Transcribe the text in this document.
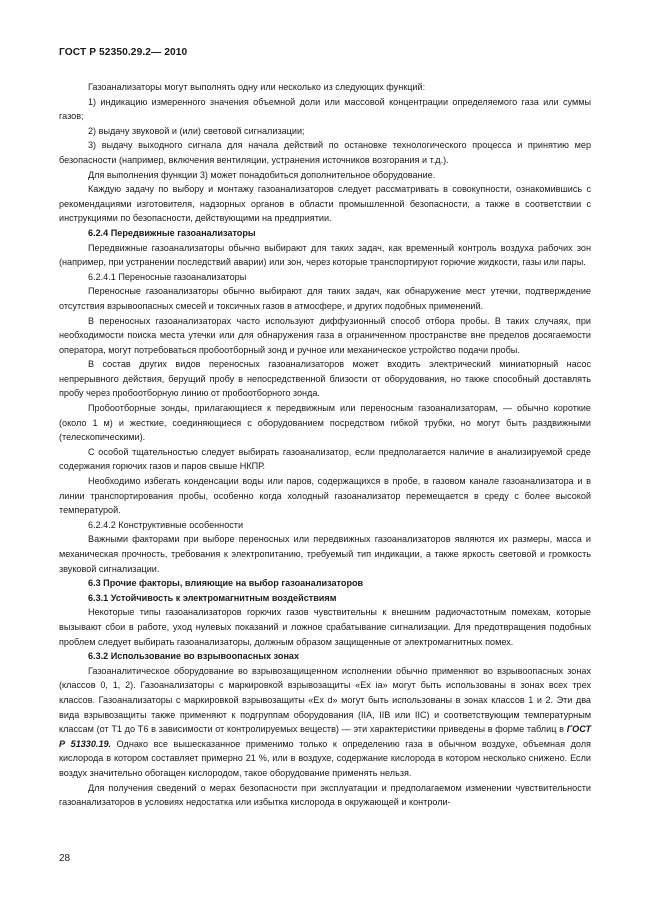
ГОСТ Р 52350.29.2— 2010

Газоанализаторы могут выполнять одну или несколько из следующих функций:

1) индикацию измеренного значения объемной доли или массовой концентрации определяемого газа или суммы газов;

2) выдачу звуковой и (или) световой сигнализации;

3) выдачу выходного сигнала для начала действий по остановке технологического процесса и принятию мер безопасности (например, включения вентиляции, устранения источников возгорания и т.д.).

Для выполнения функции 3) может понадобиться дополнительное оборудование.

Каждую задачу по выбору и монтажу газоанализаторов следует рассматривать в совокупности, ознакомившись с рекомендациями изготовителя, надзорных органов в области промышленной безопасности, а также в соответствии с инструкциями по безопасности, действующими на предприятии.

6.2.4 Передвижные газоанализаторы

Передвижные газоанализаторы обычно выбирают для таких задач, как временный контроль воздуха рабочих зон (например, при устранении последствий аварии) или зон, через которые транспортируют горючие жидкости, газы или пары.

6.2.4.1 Переносные газоанализаторы

Переносные газоанализаторы обычно выбирают для таких задач, как обнаружение мест утечки, подтверждение отсутствия взрывоопасных смесей и токсичных газов в атмосфере, и других подобных применений.

В переносных газоанализаторах часто используют диффузионный способ отбора пробы. В таких случаях, при необходимости поиска места утечки или для обнаружения газа в ограниченном пространстве вне пределов досягаемости оператора, могут потребоваться пробоотборный зонд и ручное или механическое устройство подачи пробы.

В состав других видов переносных газоанализаторов может входить электрический миниатюрный насос непрерывного действия, берущий пробу в непосредственной близости от оборудования, но также способный доставлять пробу через пробоотборную линию от пробоотборного зонда.

Пробоотборные зонды, прилагающиеся к передвижным или переносным газоанализаторам, — обычно короткие (около 1 м) и жесткие, соединяющиеся с оборудованием посредством гибкой трубки, но могут быть раздвижными (телескопическими).

С особой тщательностью следует выбирать газоанализатор, если предполагается наличие в анализируемой среде содержания горючих газов и паров свыше НКПР.

Необходимо избегать конденсации воды или паров, содержащихся в пробе, в газовом канале газоанализатора и в линии транспортирования пробы, особенно когда холодный газоанализатор перемещается в среду с более высокой температурой.

6.2.4.2 Конструктивные особенности

Важными факторами при выборе переносных или передвижных газоанализаторов являются их размеры, масса и механическая прочность, требования к электропитанию, требуемый тип индикации, а также яркость световой и громкость звуковой сигнализации.

6.3 Прочие факторы, влияющие на выбор газоанализаторов

6.3.1 Устойчивость к электромагнитным воздействиям

Некоторые типы газоанализаторов горючих газов чувствительны к внешним радиочастотным помехам, которые вызывают сбои в работе, уход нулевых показаний и ложное срабатывание сигнализации. Для предотвращения подобных проблем следует выбирать газоанализаторы, должным образом защищенные от электромагнитных помех.

6.3.2 Использование во взрывоопасных зонах

Газоаналитическое оборудование во взрывозащищенном исполнении обычно применяют во взрывоопасных зонах (классов 0, 1, 2). Газоанализаторы с маркировкой взрывозащиты «Ex ia» могут быть использованы в зонах всех трех классов. Газоанализаторы с маркировкой взрывозащиты «Ex d» могут быть использованы в зонах классов 1 и 2. Эти два вида взрывозащиты также применяют к подгруппам оборудования (IIA, IIB или IIC) и соответствующим температурным классам (от Т1 до Т6 в зависимости от контролируемых веществ) — эти характеристики приведены в форме таблиц в ГОСТ Р 51330.19. Однако все вышесказанное применимо только к определению газа в обычном воздухе, объемная доля кислорода в котором составляет примерно 21 %, или в воздухе, содержание кислорода в котором несколько снижено. Если воздух значительно обогащен кислородом, такое оборудование применять нельзя.

Для получения сведений о мерах безопасности при эксплуатации и предполагаемом изменении чувствительности газоанализаторов в условиях недостатка или избытка кислорода в окружающей и контроли-

28
